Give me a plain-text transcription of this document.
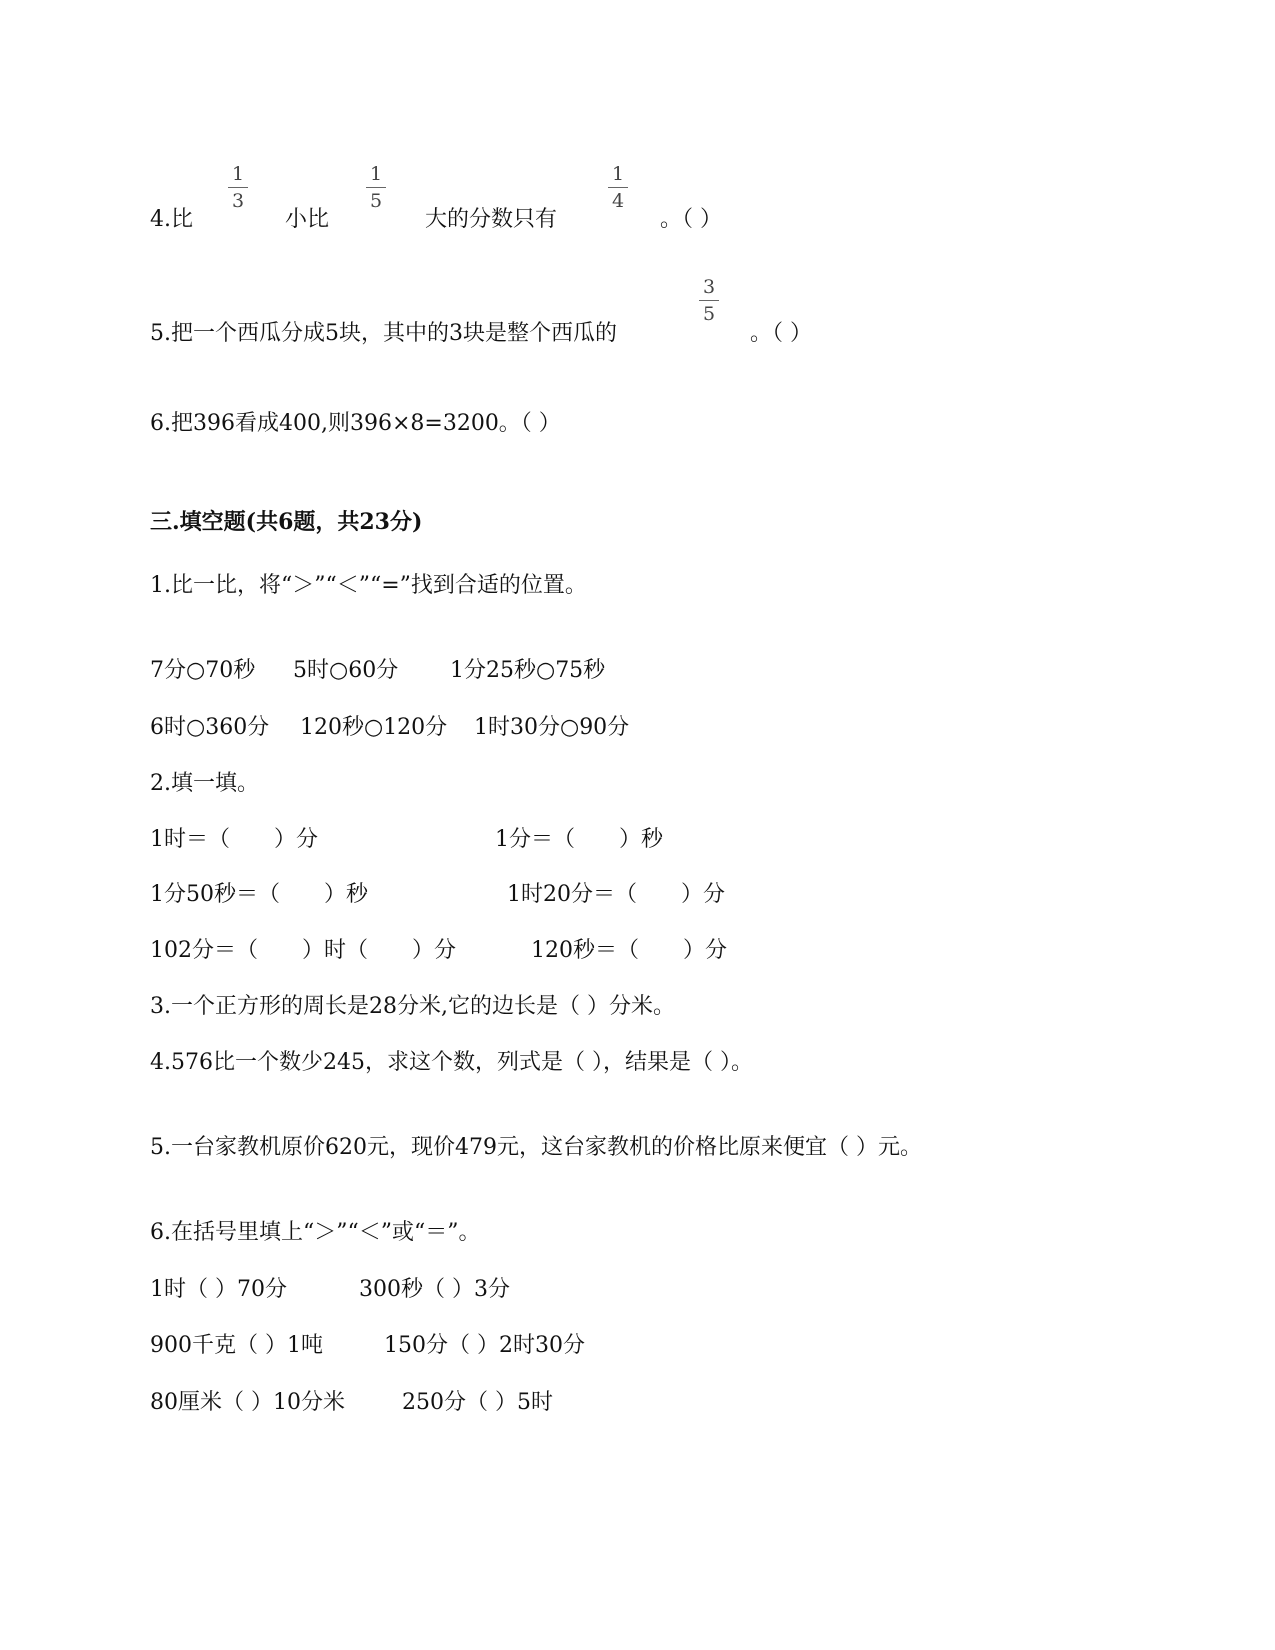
4.比	小比	大的分数只有	。（ ）
1
3
1
5
1
4
5.把一个西瓜分成5块，其中的3块是整个西瓜的	。（ ）
3
5
6.把396看成400,则396×8=3200。（ ）
三.填空题(共6题，共23分)
1.比一比，将“＞”“＜”“=”找到合适的位置。
7分○70秒 5时○60分 1分25秒○75秒
6时○360分 120秒○120分 1时30分○90分
2.填一填。
1时＝（　　）分	1分＝（　　）秒
1分50秒＝（　　）秒	1时20分＝（　　）分
102分＝（　　）时（　　）分	120秒＝（　　）分
3.一个正方形的周长是28分米,它的边长是（ ）分米。
4.576比一个数少245，求这个数，列式是（ ），结果是（ ）。
5.一台家教机原价620元，现价479元，这台家教机的价格比原来便宜（ ）元。
6.在括号里填上“＞”“＜”或“＝”。
1时（ ）70分	300秒（ ）3分
900千克（ ）1吨	150分（ ）2时30分
80厘米（ ）10分米	250分（ ）5时
